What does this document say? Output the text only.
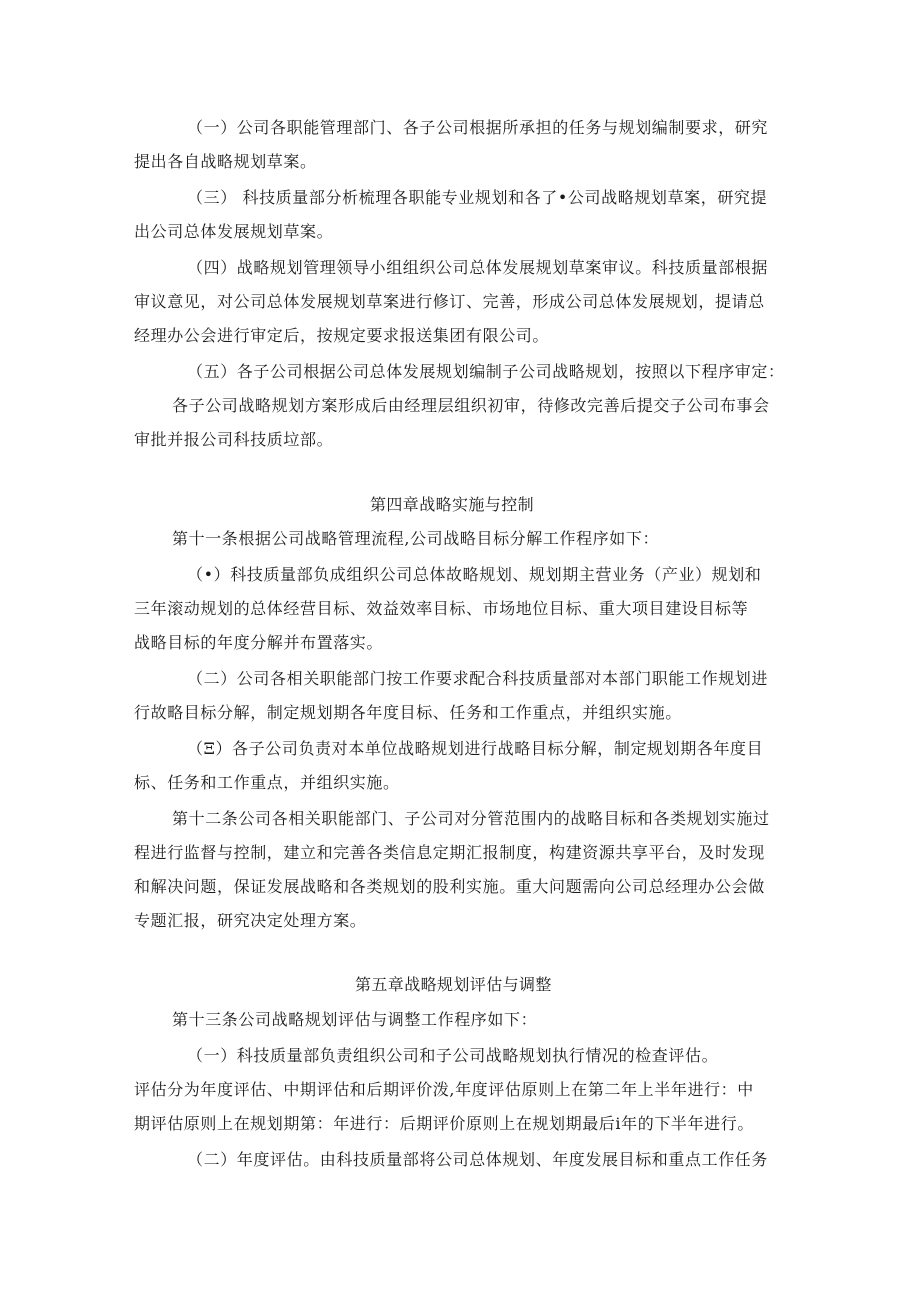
（一）公司各职能管理部门、各子公司根据所承担的任务与规划编制要求，研究
提出各自战略规划草案。
（三） 科技质量部分析梳理各职能专业规划和各了•公司战略规划草案，研究提
出公司总体发展规划草案。
（四）战略规划管理领导小组组织公司总体发展规划草案审议。科技质量部根据
审议意见，对公司总体发展规划草案进行修订、完善，形成公司总体发展规划，提请总
经理办公会进行审定后，按规定要求报送集团有限公司。
（五）各子公司根据公司总体发展规划编制子公司战略规划，按照以下程序审定：
各子公司战略规划方案形成后由经理层组织初审，待修改完善后提交子公司布事会
审批并报公司科技质垃部。
第四章战略实施与控制
第十一条根据公司战略管理流程,公司战略目标分解工作程序如下：
（•）科技质量部负成组织公司总体故略规划、规划期主营业务（产业）规划和
三年滚动规划的总体经营目标、效益效率目标、市场地位目标、重大项目建设目标等
战略目标的年度分解并布置落实。
（二）公司各相关职能部门按工作要求配合科技质量部对本部门职能工作规划进
行故略目标分解，制定规划期各年度目标、任务和工作重点，并组织实施。
（Ξ）各子公司负责对本单位战略规划进行战略目标分解，制定规划期各年度目
标、任务和工作重点，并组织实施。
第十二条公司各相关职能部门、子公司对分管范围内的战略目标和各类规划实施过
程进行监督与控制，建立和完善各类信息定期汇报制度，构建资源共享平台，及时发现
和解决问题，保证发展战略和各类规划的股利实施。重大问题需向公司总经理办公会做
专题汇报，研究决定处理方案。
第五章战略规划评估与调整
第十三条公司战略规划评估与调整工作程序如下：
（一）科技质量部负责组织公司和子公司战略规划执行情况的检查评估。
评估分为年度评估、中期评估和后期评价泼,年度评估原则上在第二年上半年进行：中
期评估原则上在规划期第：年进行：后期评价原则上在规划期最后i年的下半年进行。
（二）年度评估。由科技质量部将公司总体规划、年度发展目标和重点工作任务
